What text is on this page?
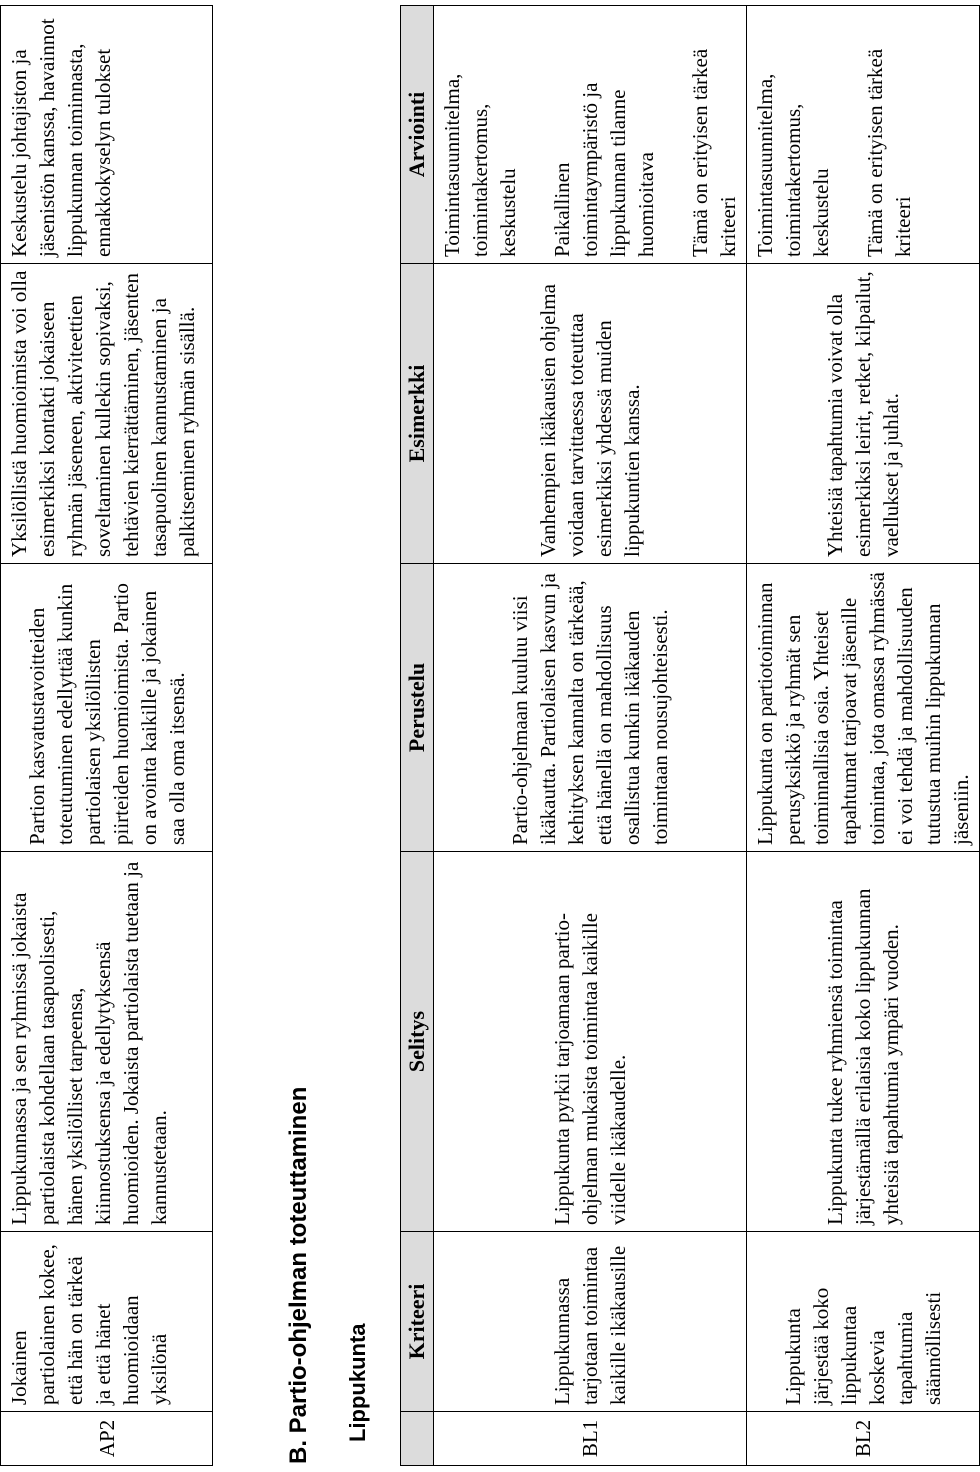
AP2	Jokainen partiolainen kokee, että hän on tärkeä ja että hänet huomioidaan yksilönä	Lippukunnassa ja sen ryhmissä jokaista partiolaista kohdellaan tasapuolisesti, hänen yksilölliset tarpeensa, kiinnostuksensa ja edellytyksensä huomioiden. Jokaista partiolaista tuetaan ja kannustetaan.	Partion kasvatustavoitteiden toteutuminen edellyttää kunkin partiolaisen yksilöllisten piirteiden huomioimista. Partio on avointa kaikille ja jokainen saa olla oma itsensä.	Yksilöllistä huomioimista voi olla esimerkiksi kontakti jokaiseen ryhmän jäseneen, aktiviteettien soveltaminen kullekin sopivaksi, tehtävien kierrättäminen, jäsenten tasapuolinen kannustaminen ja palkitseminen ryhmän sisällä.	Keskustelu johtajiston ja jäsenistön kanssa, havainnot lippukunnan toiminnasta, ennakkokyselyn tulokset
B. Partio-ohjelman toteuttaminen Lippukunta
	Kriteeri	Selitys	Perustelu	Esimerkki	Arviointi
BL1	Lippukunnassa tarjotaan toimintaa kaikille ikäkausille	Lippukunta pyrkii tarjoamaan partio-ohjelman mukaista toimintaa kaikille viidelle ikäkaudelle.	Partio-ohjelmaan kuuluu viisi ikäkautta. Partiolaisen kasvun ja kehityksen kannalta on tärkeää, että hänellä on mahdollisuus osallistua kunkin ikäkauden toimintaan nousujohteisesti.	Vanhempien ikäkausien ohjelma voidaan tarvittaessa toteuttaa esimerkiksi yhdessä muiden lippukuntien kanssa.	Toimintasuunnitelma, toimintakertomus, keskustelu Paikallinen toimintaympäristö ja lippukunnan tilanne huomioitava Tämä on erityisen tärkeä kriteeri

BL2	Lippukunta järjestää koko lippukuntaa koskevia tapahtumia säännöllisesti	Lippukunta tukee ryhmiensä toimintaa järjestämällä erilaisia koko lippukunnan yhteisiä tapahtumia ympäri vuoden.	Lippukunta on partiotoiminnan perusyksikkö ja ryhmät sen toiminnallisia osia. Yhteiset tapahtumat tarjoavat jäsenille toimintaa, jota omassa ryhmässä ei voi tehdä ja mahdollisuuden tutustua muihin lippukunnan jäseniin.	Yhteisiä tapahtumia voivat olla esimerkiksi leirit, retket, kilpailut, vaellukset ja juhlat.	Toimintasuunnitelma, toimintakertomus, keskustelu Tämä on erityisen tärkeä kriteeri
